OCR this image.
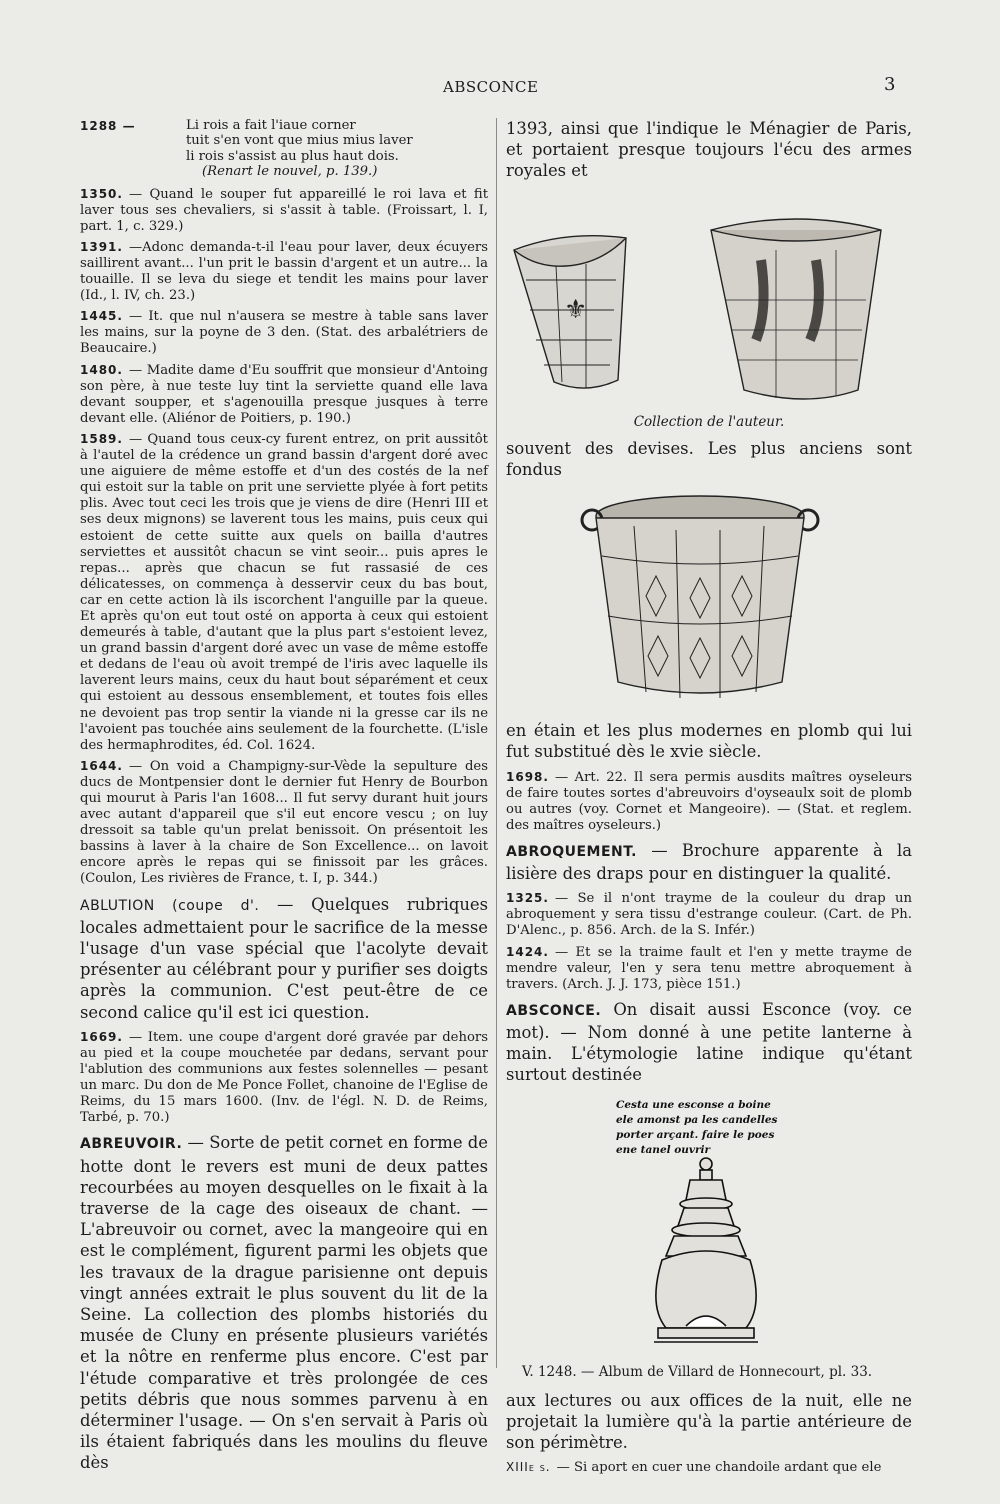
ABSCONCE	3
1288 —	Li rois a fait l'iaue corner
tuit s'en vont que mius mius laver
li rois s'assist au plus haut dois.
(Renart le nouvel, p. 139.)

1350. — Quand le souper fut appareillé le roi lava et fit laver tous ses chevaliers, si s'assit à table. (Froissart, l. I, part. 1, c. 329.)

1391. —Adonc demanda-t-il l'eau pour laver, deux écuyers saillirent avant... l'un prit le bassin d'argent et un autre... la touaille. Il se leva du siege et tendit les mains pour laver (Id., l. IV, ch. 23.)

1445. — It. que nul n'ausera se mestre à table sans laver les mains, sur la poyne de 3 den. (Stat. des arbalétriers de Beaucaire.)

1480. — Madite dame d'Eu souffrit que monsieur d'Antoing son père, à nue teste luy tint la serviette quand elle lava devant soupper, et s'agenouilla presque jusques à terre devant elle. (Aliénor de Poitiers, p. 190.)

1589. — Quand tous ceux-cy furent entrez, on prit aussitôt à l'autel de la crédence un grand bassin d'argent doré avec une aiguiere de même estoffe et d'un des costés de la nef qui estoit sur la table on prit une serviette plyée à fort petits plis. Avec tout ceci les trois que je viens de dire (Henri III et ses deux mignons) se laverent tous les mains, puis ceux qui estoient de cette suitte aux quels on bailla d'autres serviettes et aussitôt chacun se vint seoir... puis apres le repas... après que chacun se fut rassasié de ces délicatesses, on commença à desservir ceux du bas bout, car en cette action là ils iscorchent l'anguille par la queue. Et après qu'on eut tout osté on apporta à ceux qui estoient demeurés à table, d'autant que la plus part s'estoient levez, un grand bassin d'argent doré avec un vase de même estoffe et dedans de l'eau où avoit trempé de l'iris avec laquelle ils laverent leurs mains, ceux du haut bout séparément et ceux qui estoient au dessous ensemblement, et toutes fois elles ne devoient pas trop sentir la viande ni la gresse car ils ne l'avoient pas touchée ains seulement de la fourchette. (L'isle des hermaphrodites, éd. Col. 1624.

1644. — On void a Champigny-sur-Vède la sepulture des ducs de Montpensier dont le dernier fut Henry de Bourbon qui mourut à Paris l'an 1608... Il fut servy durant huit jours avec autant d'appareil que s'il eut encore vescu ; on luy dressoit sa table qu'un prelat benissoit. On présentoit les bassins à laver à la chaire de Son Excellence... on lavoit encore après le repas qui se finissoit par les grâces. (Coulon, Les rivières de France, t. I, p. 344.)

ABLUTION (coupe d'. — Quelques rubriques locales admettaient pour le sacrifice de la messe l'usage d'un vase spécial que l'acolyte devait présenter au célébrant pour y purifier ses doigts après la communion. C'est peut-être de ce second calice qu'il est ici question.

1669. — Item. une coupe d'argent doré gravée par dehors au pied et la coupe mouchetée par dedans, servant pour l'ablution des communions aux festes solennelles — pesant un marc. Du don de Me Ponce Follet, chanoine de l'Eglise de Reims, du 15 mars 1600. (Inv. de l'égl. N. D. de Reims, Tarbé, p. 70.)

ABREUVOIR. — Sorte de petit cornet en forme de hotte dont le revers est muni de deux pattes recourbées au moyen desquelles on le fixait à la traverse de la cage des oiseaux de chant. — L'abreuvoir ou cornet, avec la mangeoire qui en est le complément, figurent parmi les objets que les travaux de la drague parisienne ont depuis vingt années extrait le plus souvent du lit de la Seine. La collection des plombs historiés du musée de Cluny en présente plusieurs variétés et la nôtre en renferme plus encore. C'est par l'étude comparative et très prolongée de ces petits débris que nous sommes parvenu à en déterminer l'usage. — On s'en servait à Paris où ils étaient fabriqués dans les moulins du fleuve dès

1393, ainsi que l'indique le Ménagier de Paris, et portaient presque toujours l'écu des armes royales et

⚜
Collection de l'auteur.

souvent des devises. Les plus anciens sont fondus

en étain et les plus modernes en plomb qui lui fut substitué dès le xvie siècle.

1698. — Art. 22. Il sera permis ausdits maîtres oyseleurs de faire toutes sortes d'abreuvoirs d'oyseaulx soit de plomb ou autres (voy. Cornet et Mangeoire). — (Stat. et reglem. des maîtres oyseleurs.)

ABROQUEMENT. — Brochure apparente à la lisière des draps pour en distinguer la qualité.

1325. — Se il n'ont trayme de la couleur du drap un abroquement y sera tissu d'estrange couleur. (Cart. de Ph. D'Alenc., p. 856. Arch. de la S. Infér.)

1424. — Et se la traime fault et l'en y mette trayme de mendre valeur, l'en y sera tenu mettre abroquement à travers. (Arch. J. J. 173, pièce 151.)

ABSCONCE. On disait aussi Esconce (voy. ce mot). — Nom donné à une petite lanterne à main. L'étymologie latine indique qu'étant surtout destinée

Cesta une esconse a boine
ele amonst pa les candelles
porter arçant. faire le poes
ene tanel ouvrir
V. 1248. — Album de Villard de Honnecourt, pl. 33.

aux lectures ou aux offices de la nuit, elle ne projetait la lumière qu'à la partie antérieure de son périmètre.

XIIIe s. — Si aport en cuer une chandoile ardant que ele
